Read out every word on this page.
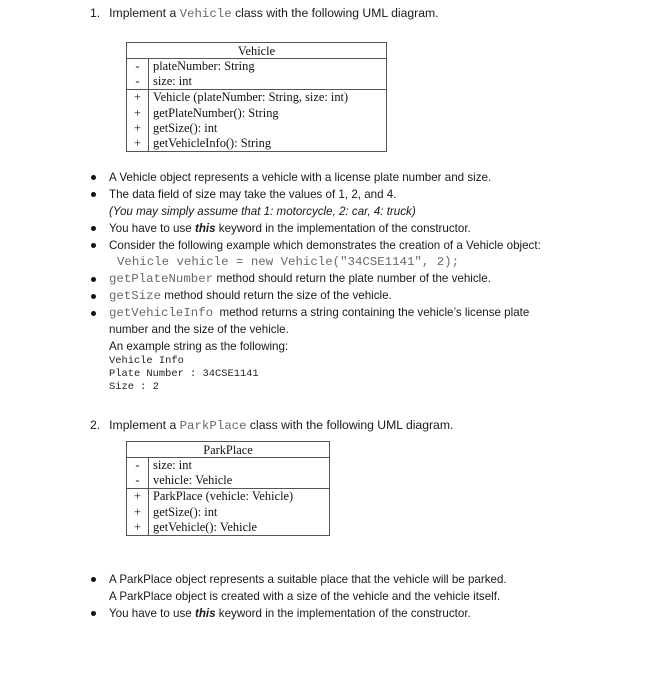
1. Implement a Vehicle class with the following UML diagram.
Vehicle
-	plateNumber: String
-	size: int
+ Vehicle (plateNumber: String, size: int)
+ getPlateNumber(): String
+ getSize(): int
+ getVehicleInfo(): String
A Vehicle object represents a vehicle with a license plate number and size.
The data field of size may take the values of 1, 2, and 4.
(You may simply assume that 1: motorcycle, 2: car, 4: truck)
You have to use this keyword in the implementation of the constructor.
Consider the following example which demonstrates the creation of a Vehicle object:
Vehicle vehicle = new Vehicle("34CSE1141", 2);
getPlateNumber method should return the plate number of the vehicle.
getSize method should return the size of the vehicle.
getVehicleInfo  method returns a string containing the vehicle’s license plate
number and the size of the vehicle.
An example string as the following:
Vehicle Info
Plate Number : 34CSE1141
Size : 2
2. Implement a ParkPlace class with the following UML diagram.
ParkPlace
-	size: int
-	vehicle: Vehicle
+ ParkPlace (vehicle: Vehicle)
+ getSize(): int
+ getVehicle(): Vehicle
A ParkPlace object represents a suitable place that the vehicle will be parked.
A ParkPlace object is created with a size of the vehicle and the vehicle itself.
You have to use this keyword in the implementation of the constructor.
